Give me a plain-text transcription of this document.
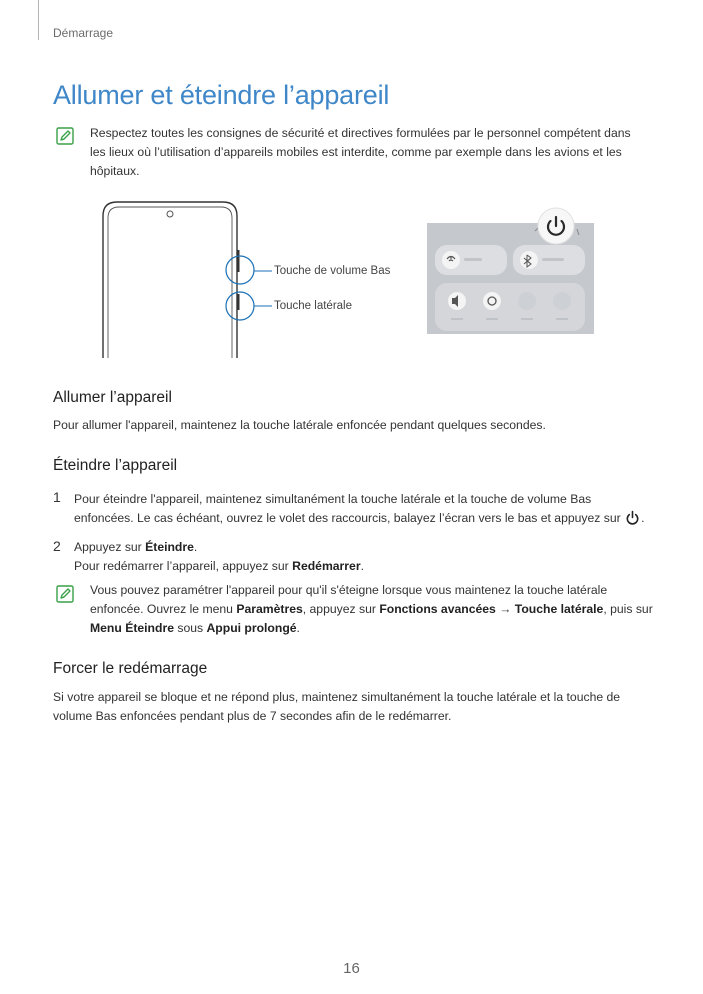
Démarrage
Allumer et éteindre l’appareil
Respectez toutes les consignes de sécurité et directives formulées par le personnel compétent dans
les lieux où l’utilisation d’appareils mobiles est interdite, comme par exemple dans les avions et les
hôpitaux.
Touche de volume Bas
Touche latérale
Allumer l’appareil
Pour allumer l'appareil, maintenez la touche latérale enfoncée pendant quelques secondes.
Éteindre l’appareil
1 Pour éteindre l'appareil, maintenez simultanément la touche latérale et la touche de volume Bas
enfoncées. Le cas échéant, ouvrez le volet des raccourcis, balayez l’écran vers le bas et appuyez sur .
2 Appuyez sur Éteindre.
Pour redémarrer l’appareil, appuyez sur Redémarrer.
Vous pouvez paramétrer l'appareil pour qu'il s'éteigne lorsque vous maintenez la touche latérale
enfoncée. Ouvrez le menu Paramètres, appuyez sur Fonctions avancées → Touche latérale, puis sur
Menu Éteindre sous Appui prolongé.
Forcer le redémarrage
Si votre appareil se bloque et ne répond plus, maintenez simultanément la touche latérale et la touche de
volume Bas enfoncées pendant plus de 7 secondes afin de le redémarrer.
16
